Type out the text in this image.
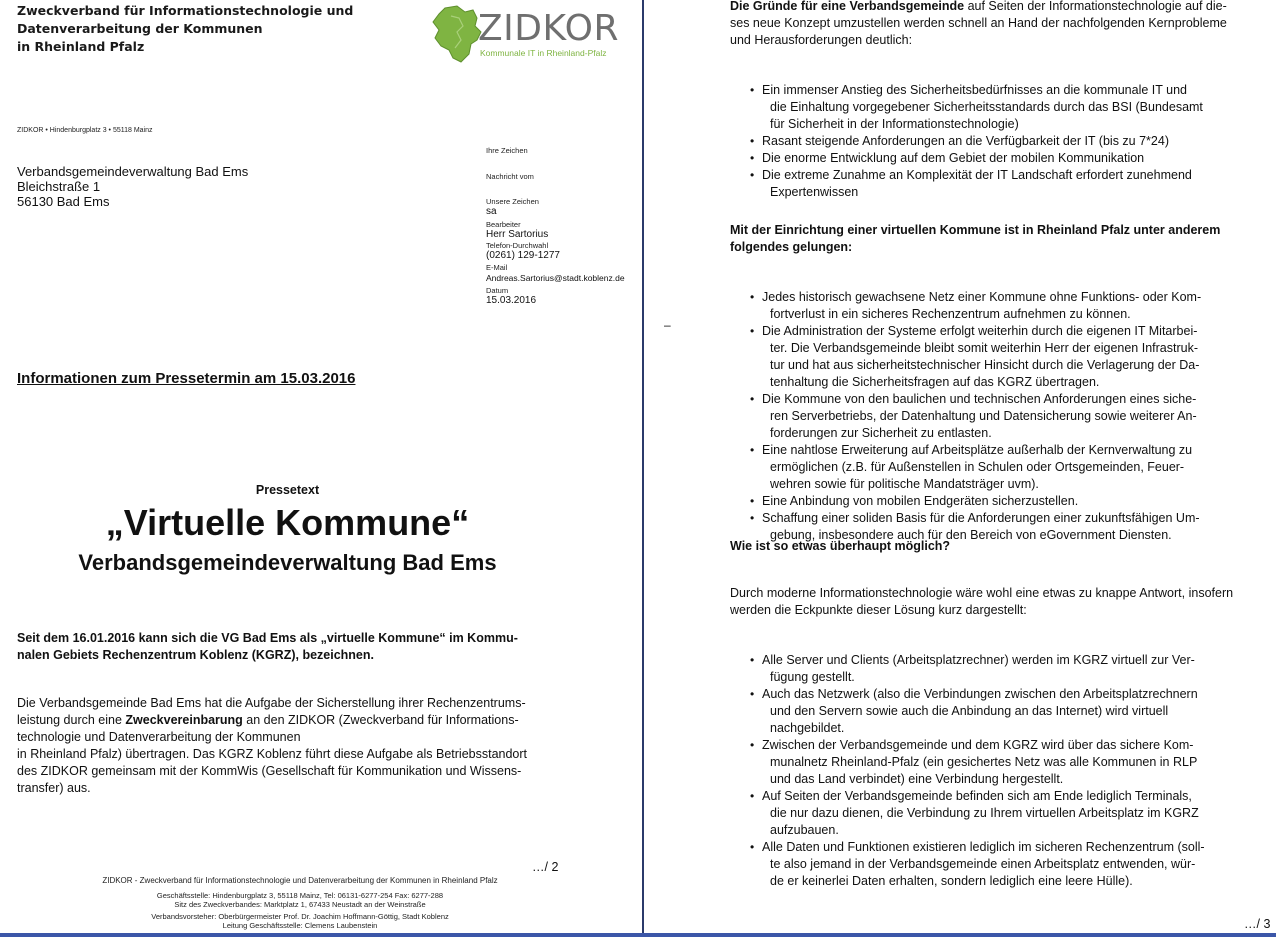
Zweckverband für Informationstechnologie und
Datenverarbeitung der Kommunen
in Rheinland Pfalz	ZIDKOR
Kommunale IT in Rheinland-Pfalz
ZIDKOR • Hindenburgplatz 3 • 55118 Mainz
Verbandsgemeindeverwaltung Bad Ems
Bleichstraße 1
56130 Bad Ems
Ihre Zeichen
Nachricht vom
Unsere Zeichen
sa
Bearbeiter
Herr Sartorius
Telefon-Durchwahl
(0261) 129-1277
E-Mail
Andreas.Sartorius@stadt.koblenz.de
Datum
15.03.2016
Informationen zum Pressetermin am 15.03.2016
Pressetext
„Virtuelle Kommune“
Verbandsgemeindeverwaltung Bad Ems
Seit dem 16.01.2016 kann sich die VG Bad Ems als „virtuelle Kommune“ im Kommu-
nalen Gebiets Rechenzentrum Koblenz (KGRZ), bezeichnen.
Die Verbandsgemeinde Bad Ems hat die Aufgabe der Sicherstellung ihrer Rechenzentrums-
leistung durch eine Zweckvereinbarung an den ZIDKOR (Zweckverband für Informations-
technologie und Datenverarbeitung der Kommunen
in Rheinland Pfalz) übertragen. Das KGRZ Koblenz führt diese Aufgabe als Betriebsstandort
des ZIDKOR gemeinsam mit der KommWis (Gesellschaft für Kommunikation und Wissens-
transfer) aus.
…/ 2
ZIDKOR - Zweckverband für Informationstechnologie und Datenverarbeitung der Kommunen in Rheinland Pfalz
Geschäftsstelle: Hindenburgplatz 3, 55118 Mainz, Tel: 06131-6277-254 Fax: 6277-288
Sitz des Zweckverbandes: Marktplatz 1, 67433 Neustadt an der Weinstraße
Verbandsvorsteher: Oberbürgermeister Prof. Dr. Joachim Hoffmann-Göttig, Stadt Koblenz
Leitung Geschäftsstelle: Clemens Laubenstein
Die Gründe für eine Verbandsgemeinde auf Seiten der Informationstechnologie auf die-
ses neue Konzept umzustellen werden schnell an Hand der nachfolgenden Kernprobleme
und Herausforderungen deutlich:
• Ein immenser Anstieg des Sicherheitsbedürfnisses an die kommunale IT und
die Einhaltung vorgegebener Sicherheitsstandards durch das BSI (Bundesamt
für Sicherheit in der Informationstechnologie)
• Rasant steigende Anforderungen an die Verfügbarkeit der IT (bis zu 7*24)
• Die enorme Entwicklung auf dem Gebiet der mobilen Kommunikation
• Die extreme Zunahme an Komplexität der IT Landschaft erfordert zunehmend
Expertenwissen
Mit der Einrichtung einer virtuellen Kommune ist in Rheinland Pfalz unter anderem
folgendes gelungen:
–
• Jedes historisch gewachsene Netz einer Kommune ohne Funktions- oder Kom-
fortverlust in ein sicheres Rechenzentrum aufnehmen zu können.
• Die Administration der Systeme erfolgt weiterhin durch die eigenen IT Mitarbei-
ter. Die Verbandsgemeinde bleibt somit weiterhin Herr der eigenen Infrastruk-
tur und hat aus sicherheitstechnischer Hinsicht durch die Verlagerung der Da-
tenhaltung die Sicherheitsfragen auf das KGRZ übertragen.
• Die Kommune von den baulichen und technischen Anforderungen eines siche-
ren Serverbetriebs, der Datenhaltung und Datensicherung sowie weiterer An-
forderungen zur Sicherheit zu entlasten.
• Eine nahtlose Erweiterung auf Arbeitsplätze außerhalb der Kernverwaltung zu
ermöglichen (z.B. für Außenstellen in Schulen oder Ortsgemeinden, Feuer-
wehren sowie für politische Mandatsträger uvm).
• Eine Anbindung von mobilen Endgeräten sicherzustellen.
• Schaffung einer soliden Basis für die Anforderungen einer zukunftsfähigen Um-
gebung, insbesondere auch für den Bereich von eGovernment Diensten.
Wie ist so etwas überhaupt möglich?
Durch moderne Informationstechnologie wäre wohl eine etwas zu knappe Antwort, insofern
werden die Eckpunkte dieser Lösung kurz dargestellt:
• Alle Server und Clients (Arbeitsplatzrechner) werden im KGRZ virtuell zur Ver-
fügung gestellt.
• Auch das Netzwerk (also die Verbindungen zwischen den Arbeitsplatzrechnern
und den Servern sowie auch die Anbindung an das Internet) wird virtuell
nachgebildet.
• Zwischen der Verbandsgemeinde und dem KGRZ wird über das sichere Kom-
munalnetz Rheinland-Pfalz (ein gesichertes Netz was alle Kommunen in RLP
und das Land verbindet) eine Verbindung hergestellt.
• Auf Seiten der Verbandsgemeinde befinden sich am Ende lediglich Terminals,
die nur dazu dienen, die Verbindung zu Ihrem virtuellen Arbeitsplatz im KGRZ
aufzubauen.
• Alle Daten und Funktionen existieren lediglich im sicheren Rechenzentrum (soll-
te also jemand in der Verbandsgemeinde einen Arbeitsplatz entwenden, wür-
de er keinerlei Daten erhalten, sondern lediglich eine leere Hülle).
…/ 3
